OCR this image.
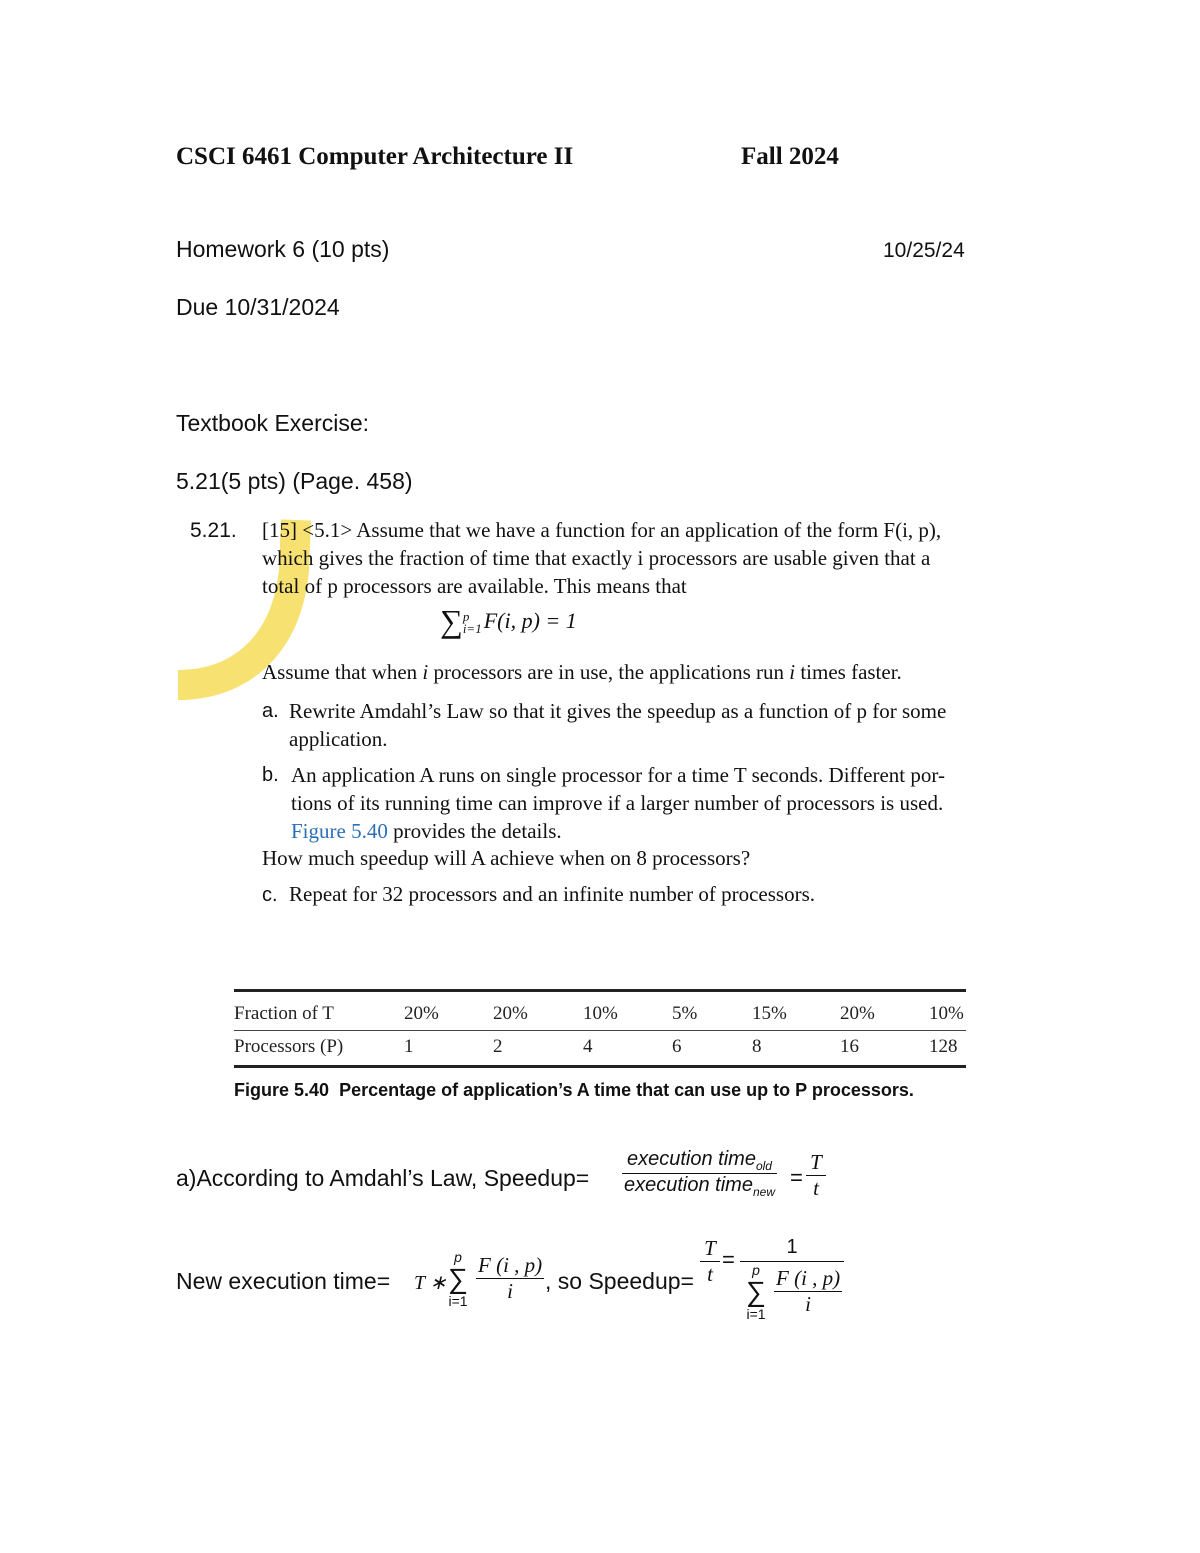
CSCI 6461 Computer Architecture II	Fall 2024
Homework 6 (10 pts)	10/25/24
Due 10/31/2024
Textbook Exercise:
5.21(5 pts) (Page. 458)
5.21. [15] <5.1> Assume that we have a function for an application of the form F(i, p),
which gives the fraction of time that exactly i processors are usable given that a
total of p processors are available. This means that
∑ p
i=1 F(i, p) = 1
Assume that when i processors are in use, the applications run i times faster.
a. Rewrite Amdahl’s Law so that it gives the speedup as a function of p for some
application.
b. An application A runs on single processor for a time T seconds. Different por-
tions of its running time can improve if a larger number of processors is used.
Figure 5.40 provides the details.
How much speedup will A achieve when on 8 processors?
c. Repeat for 32 processors and an infinite number of processors.
Fraction of T	20%	20%	10%	5%	15%	20%	10%
Processors (P)	1	2	4	6	8	16	128
Figure 5.40 Percentage of application’s A time that can use up to P processors.
a)According to Amdahl’s Law, Speedup=
execution time$_{old}$
execution time$_{new}$
= $\frac{T}{t}$
New execution time= T ∗
p
∑
$i=1 \frac{F (i , p)}{i}$ , so Speedup= $\frac{T}{t}$ =	1
p
∑
$i=1 \frac{F (i , p)}{i}$
